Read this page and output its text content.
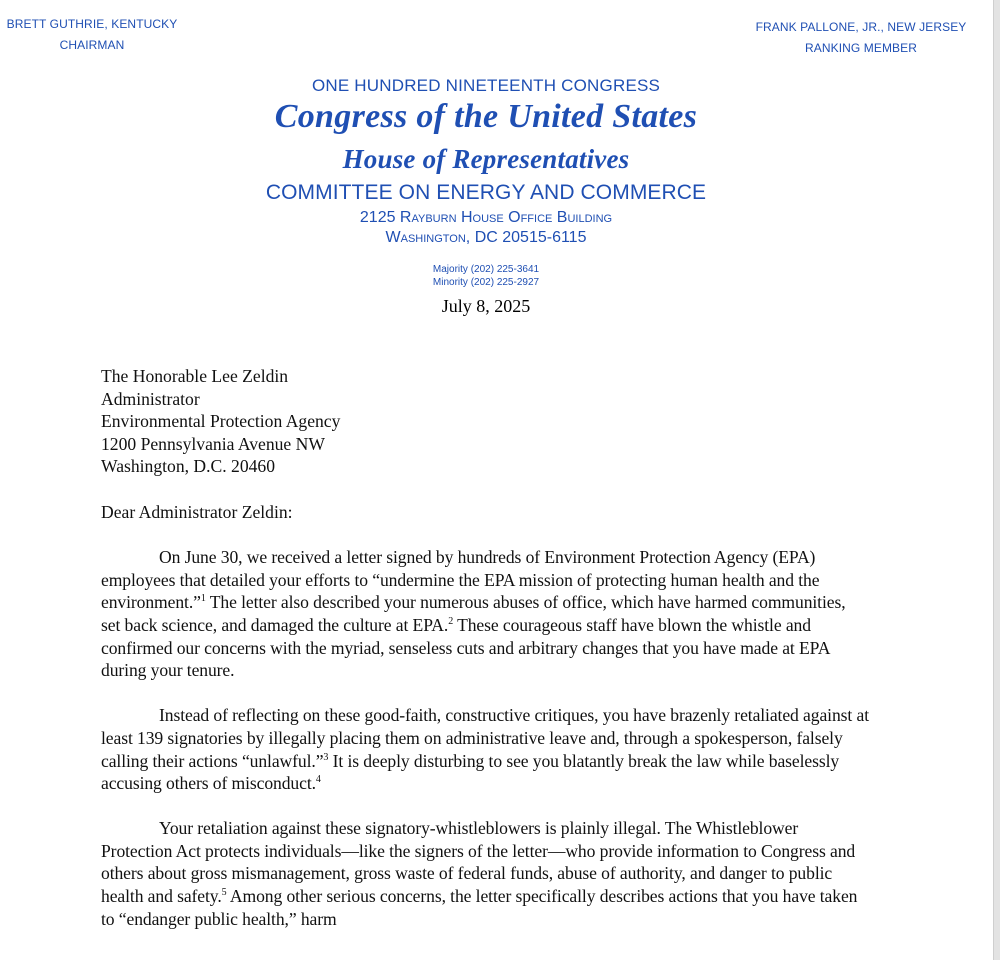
BRETT GUTHRIE, KENTUCKY
CHAIRMAN
FRANK PALLONE, JR., NEW JERSEY
RANKING MEMBER
ONE HUNDRED NINETEENTH CONGRESS
Congress of the United States
House of Representatives
COMMITTEE ON ENERGY AND COMMERCE
2125 Rayburn House Office Building
Washington, DC 20515-6115
Majority (202) 225-3641
Minority (202) 225-2927
July 8, 2025
The Honorable Lee Zeldin
Administrator
Environmental Protection Agency
1200 Pennsylvania Avenue NW
Washington, D.C. 20460
Dear Administrator Zeldin:

On June 30, we received a letter signed by hundreds of Environment Protection Agency (EPA) employees that detailed your efforts to “undermine the EPA mission of protecting human health and the environment.”$^1$ The letter also described your numerous abuses of office, which have harmed communities, set back science, and damaged the culture at EPA.$^2$ These courageous staff have blown the whistle and confirmed our concerns with the myriad, senseless cuts and arbitrary changes that you have made at EPA during your tenure.

Instead of reflecting on these good-faith, constructive critiques, you have brazenly retaliated against at least 139 signatories by illegally placing them on administrative leave and, through a spokesperson, falsely calling their actions “unlawful.”$^3$ It is deeply disturbing to see you blatantly break the law while baselessly accusing others of misconduct.$^4$

Your retaliation against these signatory-whistleblowers is plainly illegal. The Whistleblower Protection Act protects individuals—like the signers of the letter—who provide information to Congress and others about gross mismanagement, gross waste of federal funds, abuse of authority, and danger to public health and safety.$^5$ Among other serious concerns, the letter specifically describes actions that you have taken to “endanger public health,” harm
